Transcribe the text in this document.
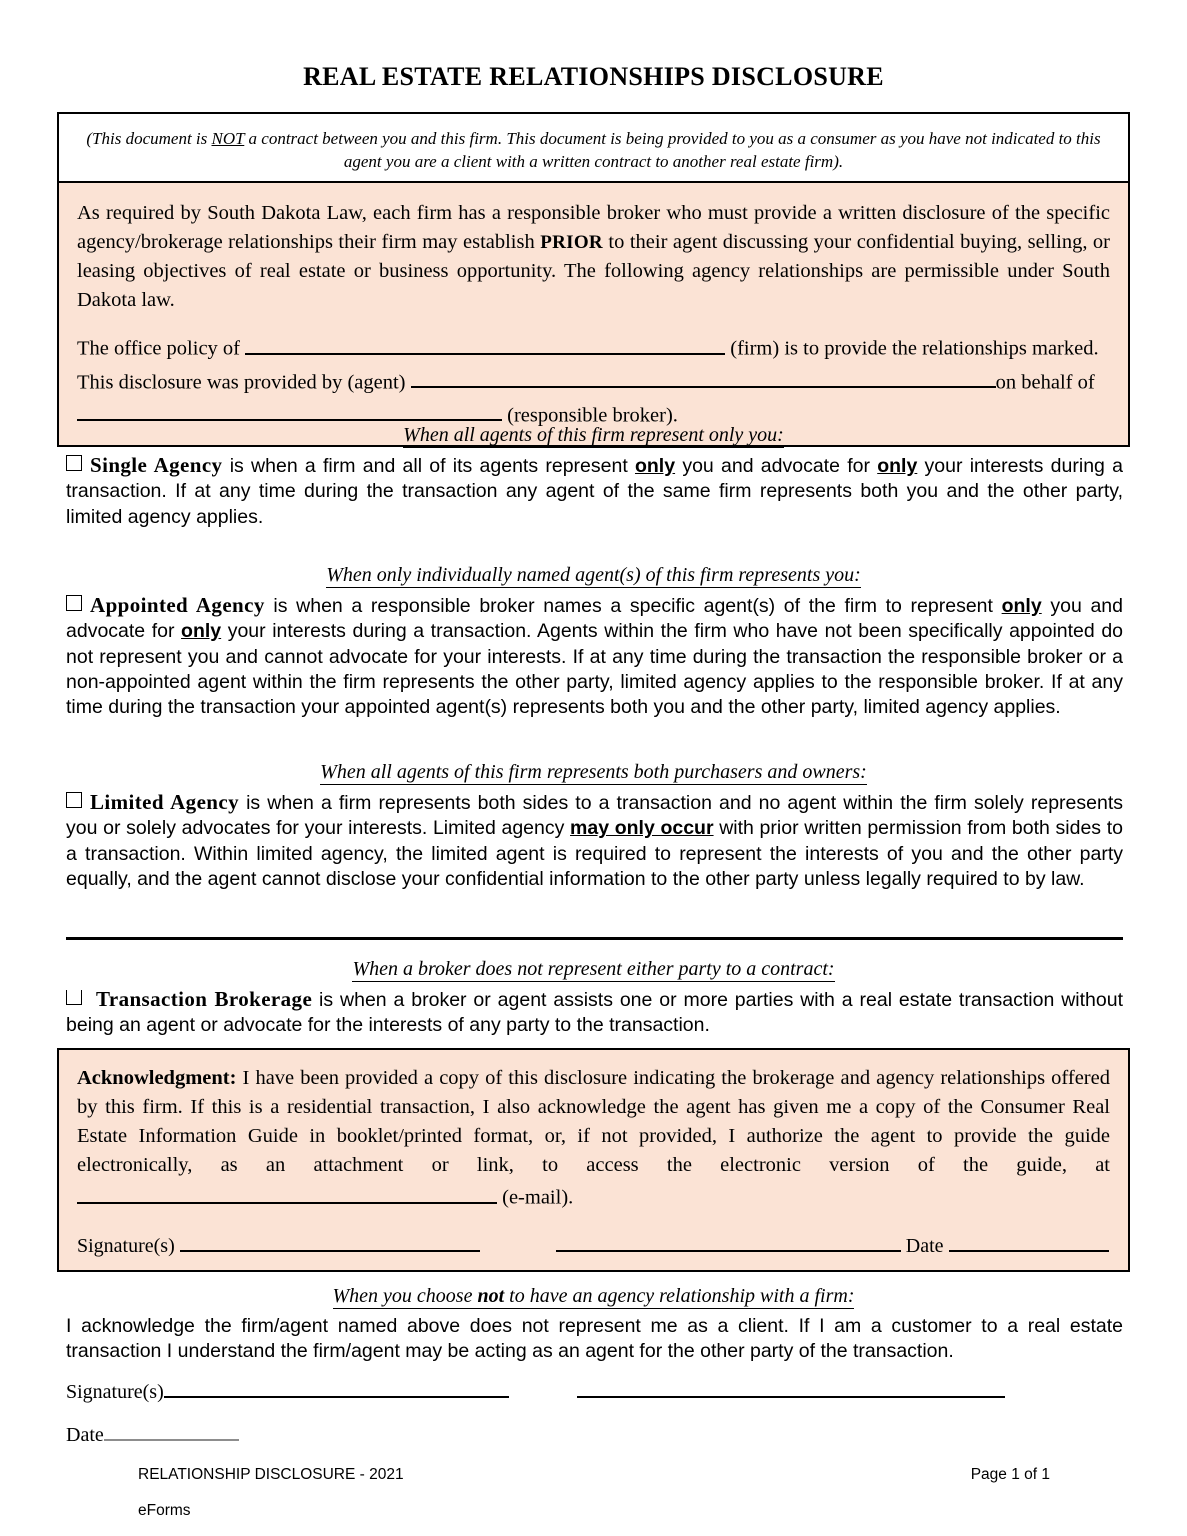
REAL ESTATE RELATIONSHIPS DISCLOSURE
(This document is NOT a contract between you and this firm. This document is being provided to you as a consumer as you have not indicated to this agent you are a client with a written contract to another real estate firm).

As required by South Dakota Law, each firm has a responsible broker who must provide a written disclosure of the specific agency/brokerage relationships their firm may establish PRIOR to their agent discussing your confidential buying, selling, or leasing objectives of real estate or business opportunity. The following agency relationships are permissible under South Dakota law.

The office policy of	(firm) is to provide the relationships marked. This disclosure was provided by (agent)	on behalf of  (responsible broker).
When all agents of this firm represent only you:
Single Agency is when a firm and all of its agents represent only you and advocate for only your interests during a transaction. If at any time during the transaction any agent of the same firm represents both you and the other party, limited agency applies.
When only individually named agent(s) of this firm represents you:
Appointed Agency is when a responsible broker names a specific agent(s) of the firm to represent only you and advocate for only your interests during a transaction. Agents within the firm who have not been specifically appointed do not represent you and cannot advocate for your interests. If at any time during the transaction the responsible broker or a non-appointed agent within the firm represents the other party, limited agency applies to the responsible broker. If at any time during the transaction your appointed agent(s) represents both you and the other party, limited agency applies.
When all agents of this firm represents both purchasers and owners:
Limited Agency is when a firm represents both sides to a transaction and no agent within the firm solely represents you or solely advocates for your interests. Limited agency may only occur with prior written permission from both sides to a transaction. Within limited agency, the limited agent is required to represent the interests of you and the other party equally, and the agent cannot disclose your confidential information to the other party unless legally required to by law.
When a broker does not represent either party to a contract:
Transaction Brokerage is when a broker or agent assists one or more parties with a real estate transaction without being an agent or advocate for the interests of any party to the transaction.

Acknowledgment: I have been provided a copy of this disclosure indicating the brokerage and agency relationships offered by this firm. If this is a residential transaction, I also acknowledge the agent has given me a copy of the Consumer Real Estate Information Guide in booklet/printed format, or, if not provided, I authorize the agent to provide the guide electronically, as an attachment or link, to access the electronic version of the guide, at  (e-mail).

Signature(s)	Date
When you choose not to have an agency relationship with a firm:
I acknowledge the firm/agent named above does not represent me as a client. If I am a customer to a real estate transaction I understand the firm/agent may be acting as an agent for the other party of the transaction.
Signature(s)
Date
RELATIONSHIP DISCLOSURE - 2021	Page 1 of 1
eForms
